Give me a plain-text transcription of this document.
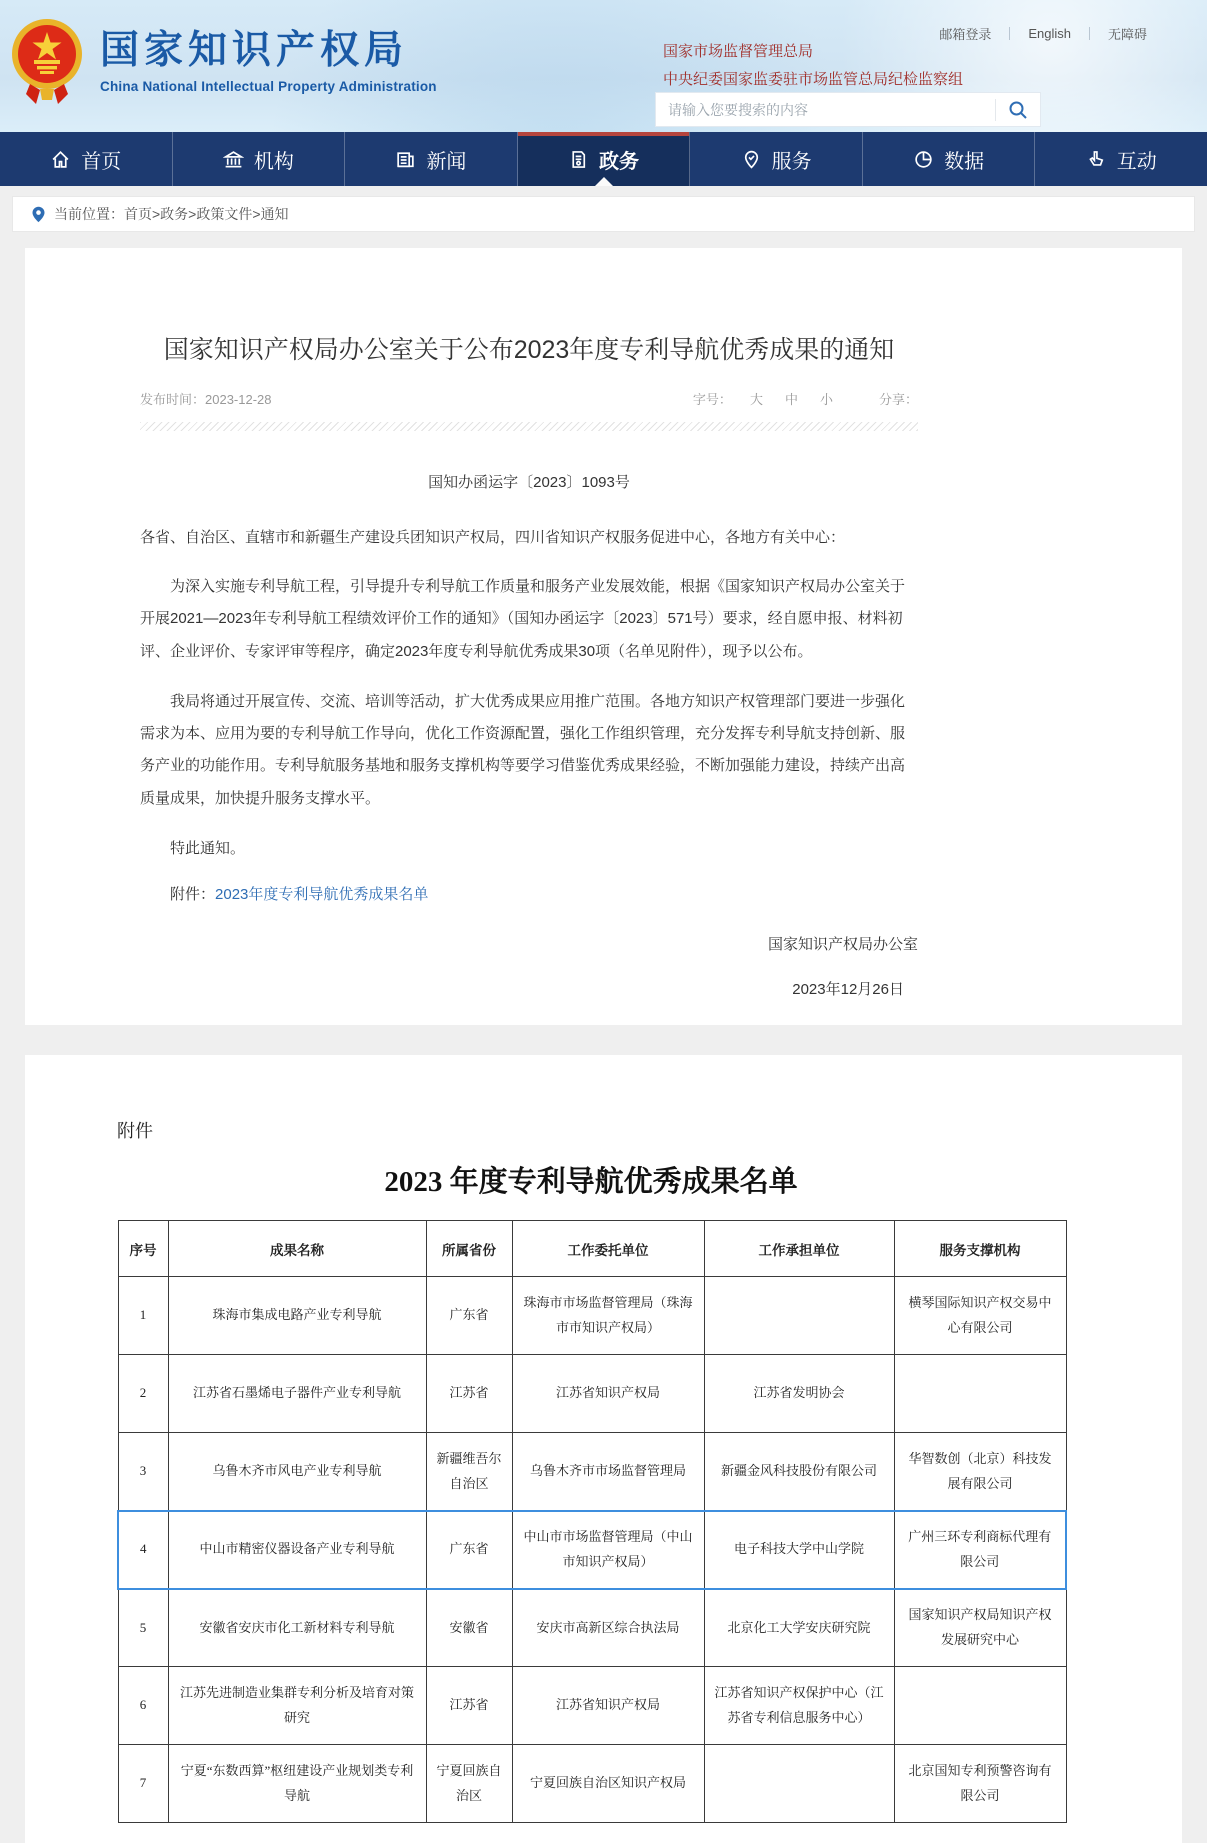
国家知识产权局
China National Intellectual Property Administration
邮箱登录	English	无障碍
国家市场监督管理总局
中央纪委国家监委驻市场监管总局纪检监察组
请输入您要搜索的内容
首页	机构	新闻	政务	服务	数据	互动
当前位置： 首页>政务>政策文件>通知
国家知识产权局办公室关于公布2023年度专利导航优秀成果的通知
发布时间：2023-12-28	字号：	大	中	小	分享：
国知办函运字〔2023〕1093号
各省、自治区、直辖市和新疆生产建设兵团知识产权局，四川省知识产权服务促进中心，各地方有关中心：

为深入实施专利导航工程，引导提升专利导航工作质量和服务产业发展效能，根据《国家知识产权局办公室关于开展2021—2023年专利导航工程绩效评价工作的通知》（国知办函运字〔2023〕571号）要求，经自愿申报、材料初评、企业评价、专家评审等程序，确定2023年度专利导航优秀成果30项（名单见附件），现予以公布。

我局将通过开展宣传、交流、培训等活动，扩大优秀成果应用推广范围。各地方知识产权管理部门要进一步强化需求为本、应用为要的专利导航工作导向，优化工作资源配置，强化工作组织管理，充分发挥专利导航支持创新、服务产业的功能作用。专利导航服务基地和服务支撑机构等要学习借鉴优秀成果经验，不断加强能力建设，持续产出高质量成果，加快提升服务支撑水平。

特此通知。

附件：2023年度专利导航优秀成果名单
国家知识产权局办公室
2023年12月26日
附件
2023 年度专利导航优秀成果名单
序号	成果名称	所属省份	工作委托单位	工作承担单位	服务支撑机构
1	珠海市集成电路产业专利导航	广东省	珠海市市场监督管理局（珠海市市知识产权局）		横琴国际知识产权交易中心有限公司
2	江苏省石墨烯电子器件产业专利导航	江苏省	江苏省知识产权局	江苏省发明协会	
3	乌鲁木齐市风电产业专利导航	新疆维吾尔自治区	乌鲁木齐市市场监督管理局	新疆金风科技股份有限公司	华智数创（北京）科技发展有限公司
4	中山市精密仪器设备产业专利导航	广东省	中山市市场监督管理局（中山市知识产权局）	电子科技大学中山学院	广州三环专利商标代理有限公司
5	安徽省安庆市化工新材料专利导航	安徽省	安庆市高新区综合执法局	北京化工大学安庆研究院	国家知识产权局知识产权发展研究中心
6	江苏先进制造业集群专利分析及培育对策研究	江苏省	江苏省知识产权局	江苏省知识产权保护中心（江苏省专利信息服务中心）	
7	宁夏“东数西算”枢纽建设产业规划类专利导航	宁夏回族自治区	宁夏回族自治区知识产权局		北京国知专利预警咨询有限公司
